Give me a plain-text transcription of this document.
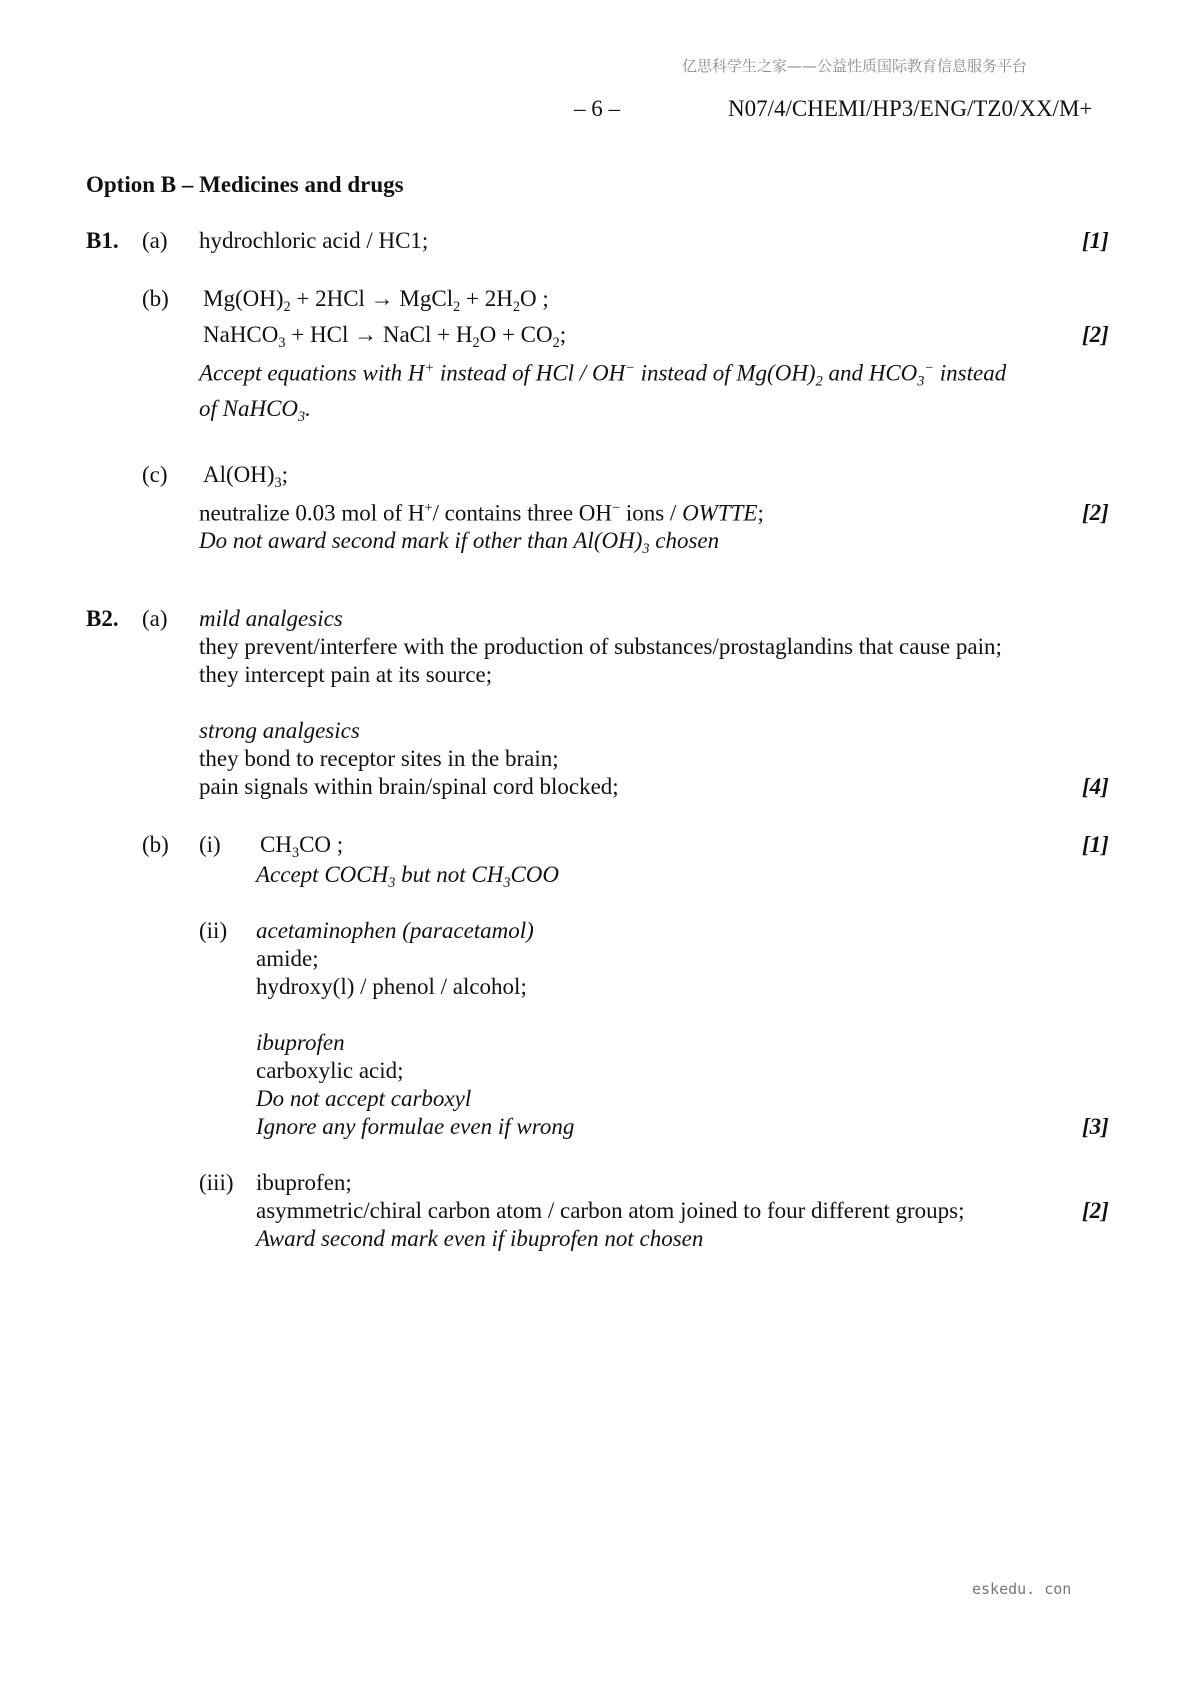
亿思科学生之家——公益性质国际教育信息服务平台
– 6 –	N07/4/CHEMI/HP3/ENG/TZ0/XX/M+
Option B – Medicines and drugs
B1. (a) hydrochloric acid / HC1;	[1]
(b) $Mg(OH)_2 + 2HCl$ → MgCl$_2$ + $2H_2O$ ;
NaHCO$_3$ + HCl → NaCl + $H_2O + CO_2$;	[2]
Accept equations with H+ instead of HCl / OH− instead of $Mg(OH)_2$ and $HCO_3^-$ instead
of NaHCO$_3$.
(c) $Al(OH)_3$;
neutralize 0.03 mol of H+/ contains three OH− ions / OWTTE;	[2]
Do not award second mark if other than $Al(OH)_3$ chosen
B2. (a) mild analgesics
they prevent/interfere with the production of substances/prostaglandins that cause pain;
they intercept pain at its source;
strong analgesics
they bond to receptor sites in the brain;
pain signals within brain/spinal cord blocked;	[4]
(b) (i) $CH_3CO$ ;	[1]
Accept $COCH_3$ but not $CH_3COO$
(ii) acetaminophen (paracetamol)
amide;
hydroxy(l) / phenol / alcohol;
ibuprofen
carboxylic acid;
Do not accept carboxyl
Ignore any formulae even if wrong	[3]
(iii) ibuprofen;
asymmetric/chiral carbon atom / carbon atom joined to four different groups;	[2]
Award second mark even if ibuprofen not chosen
eskedu. con
